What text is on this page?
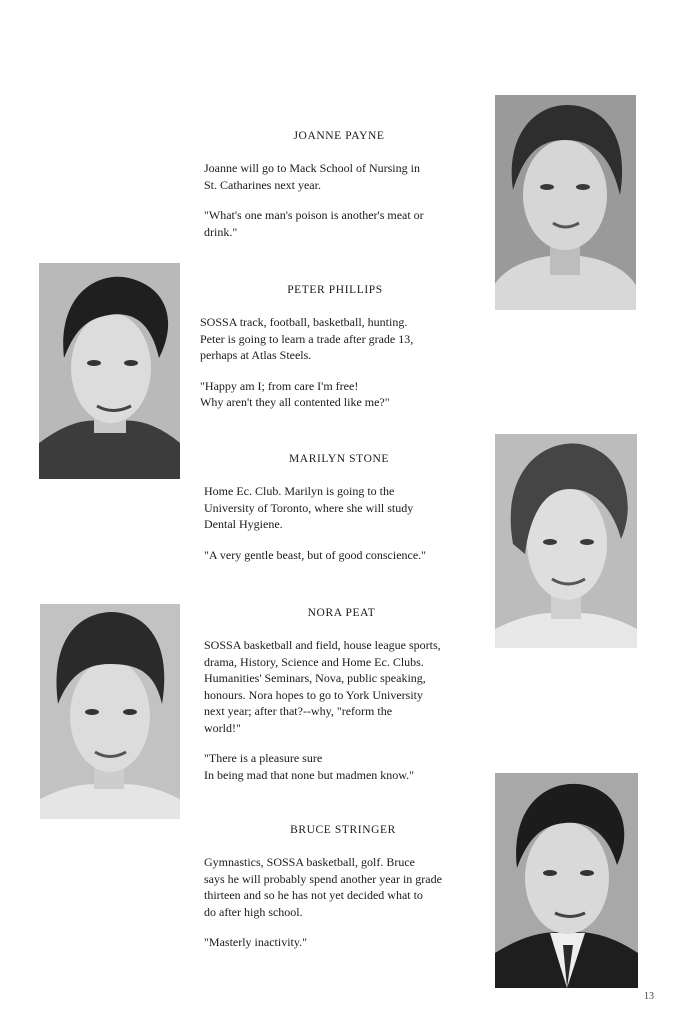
JOANNE PAYNE

Joanne will go to Mack School of Nursing in
St. Catharines next year.

"What's one man's poison is another's meat or
drink."

PETER PHILLIPS

SOSSA track, football, basketball, hunting.
Peter is going to learn a trade after grade 13,
perhaps at Atlas Steels.

"Happy am I; from care I'm free!
Why aren't they all contented like me?"

MARILYN STONE

Home Ec. Club. Marilyn is going to the
University of Toronto, where she will study
Dental Hygiene.

"A very gentle beast, but of good conscience."

NORA PEAT

SOSSA basketball and field, house league sports,
drama, History, Science and Home Ec. Clubs.
Humanities' Seminars, Nova, public speaking,
honours. Nora hopes to go to York University
next year; after that?--why, "reform the
world!"

"There is a pleasure sure
In being mad that none but madmen know."

BRUCE STRINGER

Gymnastics, SOSSA basketball, golf. Bruce
says he will probably spend another year in grade
thirteen and so he has not yet decided what to
do after high school.

"Masterly inactivity."

13
